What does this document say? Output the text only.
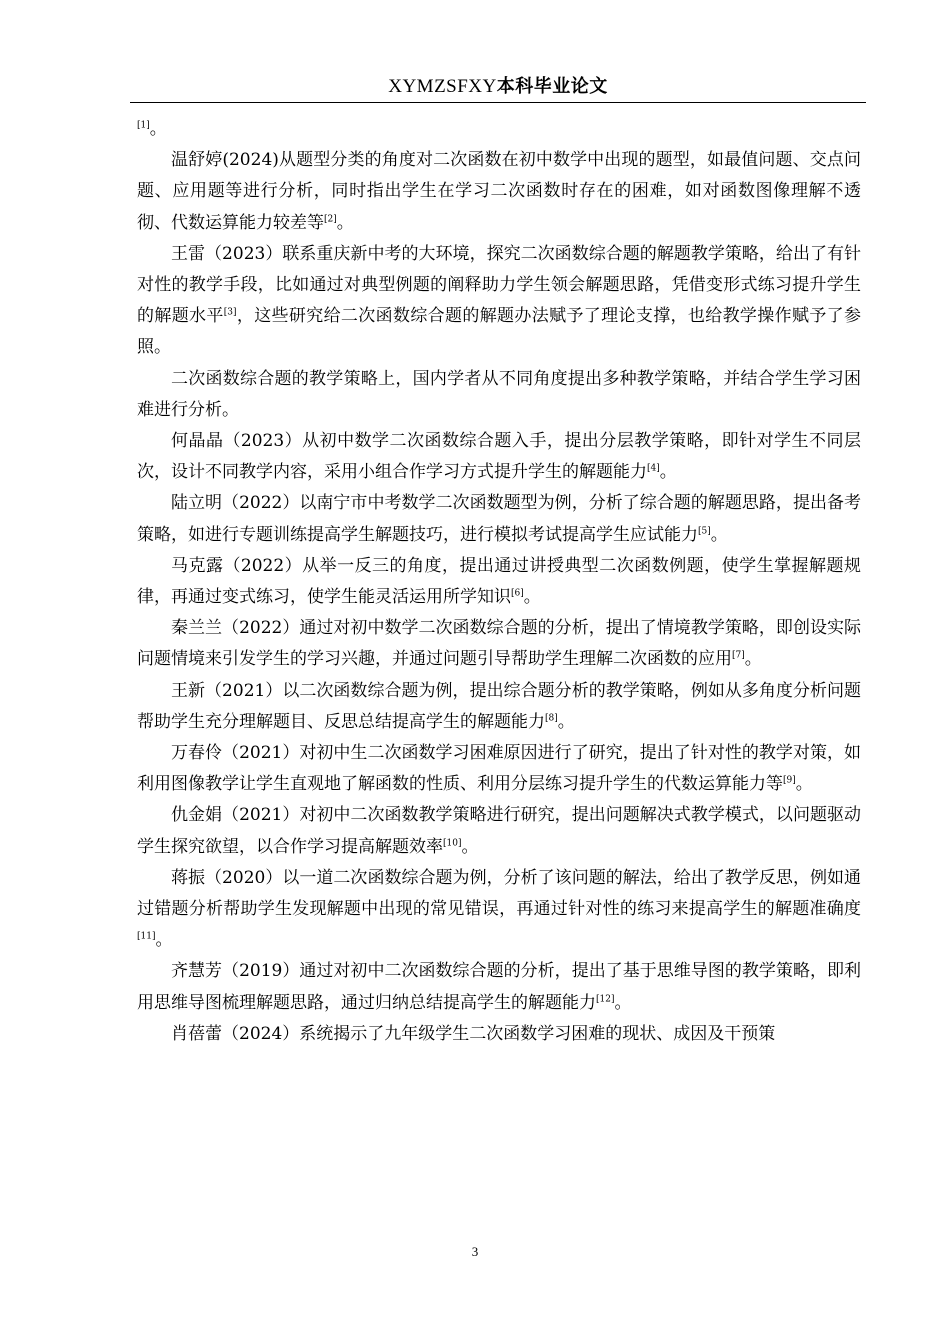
XYMZSFXY本科毕业论文

[1]。

温舒婷(2024)从题型分类的角度对二次函数在初中数学中出现的题型，如最值问题、交点问题、应用题等进行分析，同时指出学生在学习二次函数时存在的困难，如对函数图像理解不透彻、代数运算能力较差等[2]。

王雷（2023）联系重庆新中考的大环境，探究二次函数综合题的解题教学策略，给出了有针对性的教学手段，比如通过对典型例题的阐释助力学生领会解题思路，凭借变形式练习提升学生的解题水平[3]，这些研究给二次函数综合题的解题办法赋予了理论支撑，也给教学操作赋予了参照。

二次函数综合题的教学策略上，国内学者从不同角度提出多种教学策略，并结合学生学习困难进行分析。

何晶晶（2023）从初中数学二次函数综合题入手，提出分层教学策略，即针对学生不同层次，设计不同教学内容，采用小组合作学习方式提升学生的解题能力[4]。

陆立明（2022）以南宁市中考数学二次函数题型为例，分析了综合题的解题思路，提出备考策略，如进行专题训练提高学生解题技巧，进行模拟考试提高学生应试能力[5]。

马克露（2022）从举一反三的角度，提出通过讲授典型二次函数例题，使学生掌握解题规律，再通过变式练习，使学生能灵活运用所学知识[6]。

秦兰兰（2022）通过对初中数学二次函数综合题的分析，提出了情境教学策略，即创设实际问题情境来引发学生的学习兴趣，并通过问题引导帮助学生理解二次函数的应用[7]。

王新（2021）以二次函数综合题为例，提出综合题分析的教学策略，例如从多角度分析问题帮助学生充分理解题目、反思总结提高学生的解题能力[8]。

万春伶（2021）对初中生二次函数学习困难原因进行了研究，提出了针对性的教学对策，如利用图像教学让学生直观地了解函数的性质、利用分层练习提升学生的代数运算能力等[9]。

仇金娟（2021）对初中二次函数教学策略进行研究，提出问题解决式教学模式，以问题驱动学生探究欲望，以合作学习提高解题效率[10]。

蒋振（2020）以一道二次函数综合题为例，分析了该问题的解法，给出了教学反思，例如通过错题分析帮助学生发现解题中出现的常见错误，再通过针对性的练习来提高学生的解题准确度[11]。

齐慧芳（2019）通过对初中二次函数综合题的分析，提出了基于思维导图的教学策略，即利用思维导图梳理解题思路，通过归纳总结提高学生的解题能力[12]。

肖蓓蕾（2024）系统揭示了九年级学生二次函数学习困难的现状、成因及干预策

3
